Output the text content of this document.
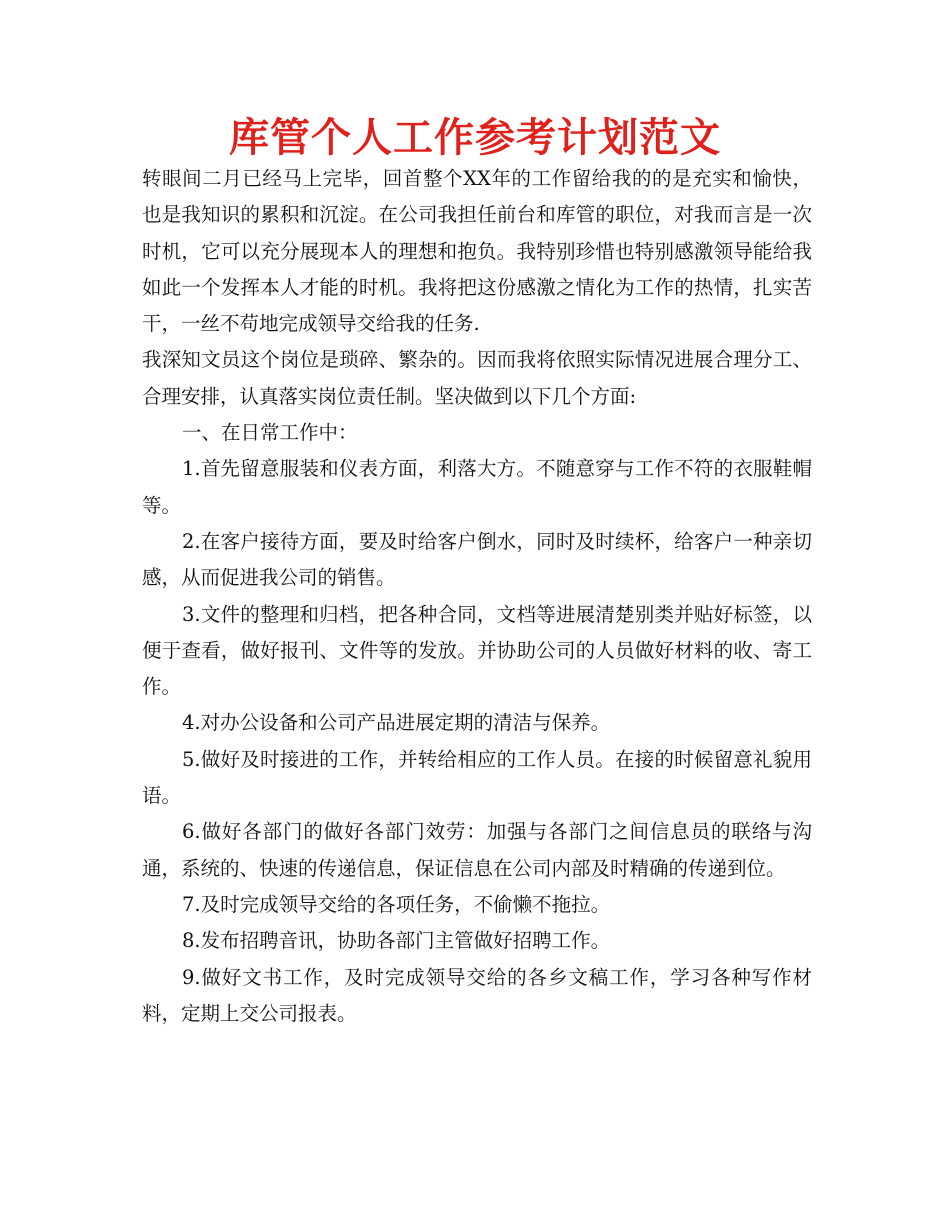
库管个人工作参考计划范文

转眼间二月已经马上完毕，回首整个XX年的工作留给我的的是充实和愉快，也是我知识的累积和沉淀。在公司我担任前台和库管的职位，对我而言是一次时机，它可以充分展现本人的理想和抱负。我特别珍惜也特别感激领导能给我如此一个发挥本人才能的时机。我将把这份感激之情化为工作的热情，扎实苦干，一丝不苟地完成领导交给我的任务.

我深知文员这个岗位是琐碎、繁杂的。因而我将依照实际情况进展合理分工、合理安排，认真落实岗位责任制。坚决做到以下几个方面:

一、在日常工作中：

1.首先留意服装和仪表方面，利落大方。不随意穿与工作不符的衣服鞋帽等。

2.在客户接待方面，要及时给客户倒水，同时及时续杯，给客户一种亲切感，从而促进我公司的销售。

3.文件的整理和归档，把各种合同，文档等进展清楚别类并贴好标签，以便于查看，做好报刊、文件等的发放。并协助公司的人员做好材料的收、寄工作。

4.对办公设备和公司产品进展定期的清洁与保养。

5.做好及时接进的工作，并转给相应的工作人员。在接的时候留意礼貌用语。

6.做好各部门的做好各部门效劳：加强与各部门之间信息员的联络与沟通，系统的、快速的传递信息，保证信息在公司内部及时精确的传递到位。

7.及时完成领导交给的各项任务，不偷懒不拖拉。

8.发布招聘音讯，协助各部门主管做好招聘工作。

9.做好文书工作，及时完成领导交给的各乡文稿工作，学习各种写作材料，定期上交公司报表。
